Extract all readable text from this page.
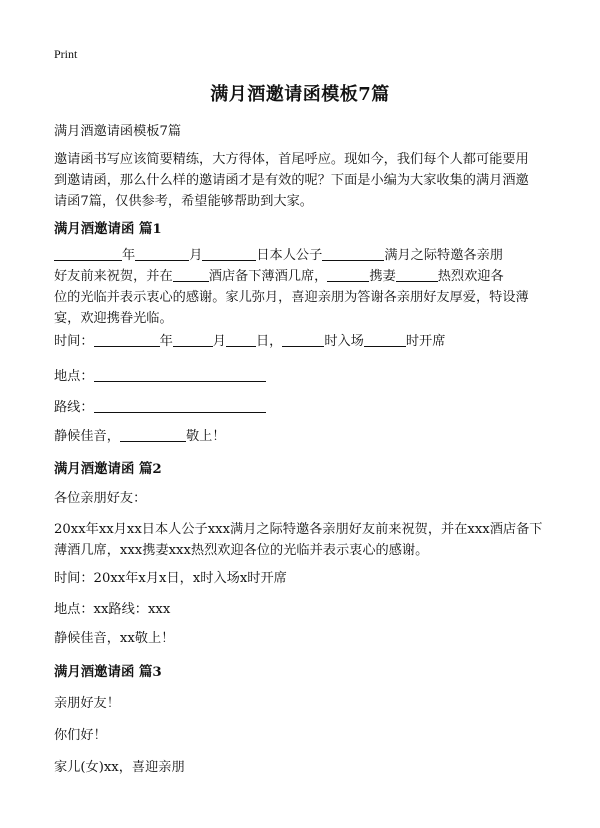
Print
满月酒邀请函模板7篇
满月酒邀请函模板7篇
邀请函书写应该简要精练，大方得体，首尾呼应。现如今，我们每个人都可能要用
到邀请函，那么什么样的邀请函才是有效的呢？下面是小编为大家收集的满月酒邀
请函7篇，仅供参考，希望能够帮助到大家。
满月酒邀请函 篇1
年	月	日本人公子	满月之际特邀各亲朋
好友前来祝贺，并在	酒店备下薄酒几席，	携妻	热烈欢迎各
位的光临并表示衷心的感谢。家儿弥月，喜迎亲朋为答谢各亲朋好友厚爱，特设薄
宴，欢迎携眷光临。
时间：	年	月 日，	时入场	时开席
地点：
路线：
静候佳音，	敬上！
满月酒邀请函 篇2
各位亲朋好友：
20xx年xx月xx日本人公子xxx满月之际特邀各亲朋好友前来祝贺，并在xxx酒店备下
薄酒几席，xxx携妻xxx热烈欢迎各位的光临并表示衷心的感谢。
时间：20xx年x月x日，x时入场x时开席
地点：xx路线：xxx
静候佳音，xx敬上！
满月酒邀请函 篇3
亲朋好友！
你们好！
家儿(女)xx，喜迎亲朋
